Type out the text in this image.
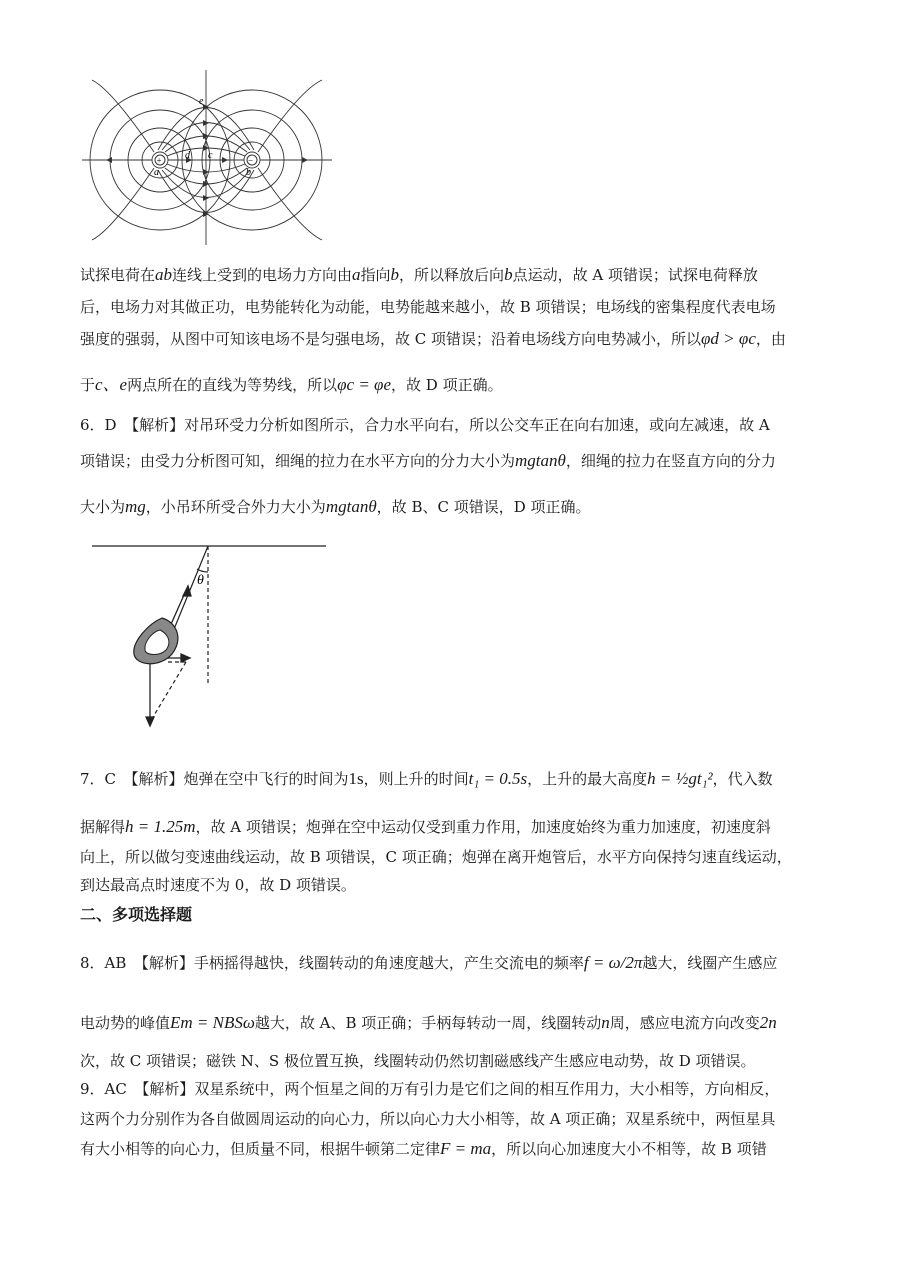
+	−
a	b
c
d
e

试探电荷在ab连线上受到的电场力方向由a指向b，所以释放后向b点运动，故 A 项错误；试探电荷释放

后，电场力对其做正功，电势能转化为动能，电势能越来越小，故 B 项错误；电场线的密集程度代表电场

强度的强弱，从图中可知该电场不是匀强电场，故 C 项错误；沿着电场线方向电势减小，所以φd > φc，由

于c、e两点所在的直线为等势线，所以φc = φe，故 D 项正确。

6．D　【解析】对吊环受力分析如图所示，合力水平向右，所以公交车正在向右加速，或向左减速，故 A

项错误；由受力分析图可知，细绳的拉力在水平方向的分力大小为mgtanθ，细绳的拉力在竖直方向的分力

大小为mg，小吊环所受合外力大小为mgtanθ，故 B、C 项错误，D 项正确。

θ

7．C　【解析】炮弹在空中飞行的时间为1s，则上升的时间t₁ = 0.5s，上升的最大高度h = ½gt₁²，代入数

据解得h = 1.25m，故 A 项错误；炮弹在空中运动仅受到重力作用，加速度始终为重力加速度，初速度斜

向上，所以做匀变速曲线运动，故 B 项错误，C 项正确；炮弹在离开炮管后，水平方向保持匀速直线运动，

到达最高点时速度不为 0，故 D 项错误。

二、多项选择题

8．AB　【解析】手柄摇得越快，线圈转动的角速度越大，产生交流电的频率f = ω/2π越大，线圈产生感应

电动势的峰值Em = NBSω越大，故 A、B 项正确；手柄每转动一周，线圈转动n周，感应电流方向改变2n

次，故 C 项错误；磁铁 N、S 极位置互换，线圈转动仍然切割磁感线产生感应电动势，故 D 项错误。

9．AC　【解析】双星系统中，两个恒星之间的万有引力是它们之间的相互作用力，大小相等，方向相反，

这两个力分别作为各自做圆周运动的向心力，所以向心力大小相等，故 A 项正确；双星系统中，两恒星具

有大小相等的向心力，但质量不同，根据牛顿第二定律F = ma，所以向心加速度大小不相等，故 B 项错
